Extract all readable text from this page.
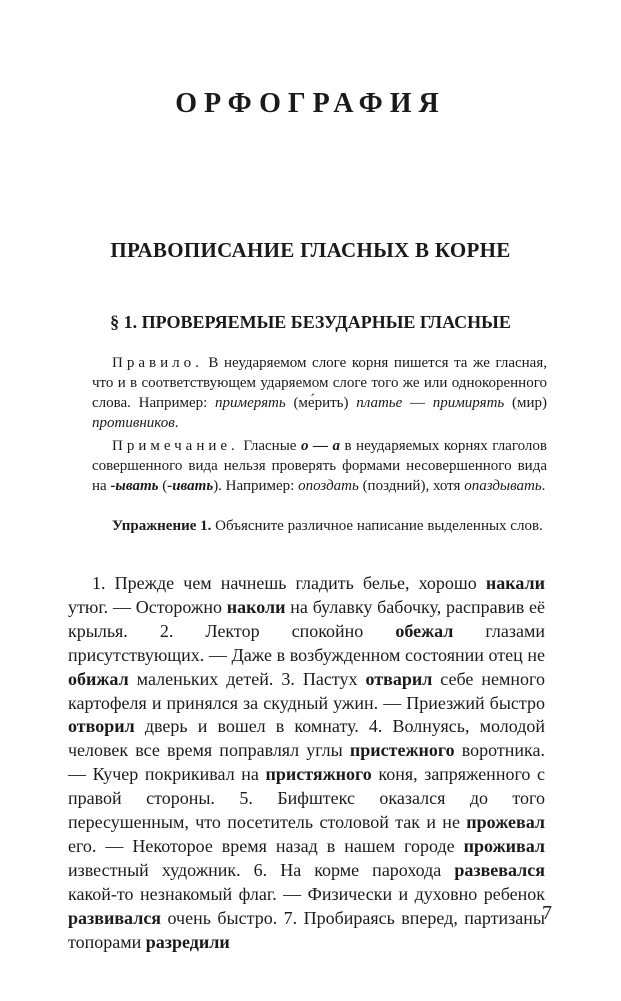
ОРФОГРАФИЯ
ПРАВОПИСАНИЕ ГЛАСНЫХ В КОРНЕ
§ 1. ПРОВЕРЯЕМЫЕ БЕЗУДАРНЫЕ ГЛАСНЫЕ

Правило. В неударяемом слоге корня пишется та же гласная, что и в соответствующем ударяемом слоге того же или однокоренного слова. Например: примерять (ме́рить) платье — примирять (мир) противников.

Примечание. Гласные о — а в неударяемых корнях глаголов совершенного вида нельзя проверять формами несовершенного вида на -ывать (-ивать). Например: опоздать (поздний), хотя опаздывать.

Упражнение 1. Объясните различное написание выделенных слов.

1. Прежде чем начнешь гладить белье, хорошо накали утюг. — Осторожно наколи на булавку бабочку, расправив её крылья. 2. Лектор спокойно обежал глазами присутствующих. — Даже в возбужденном состоянии отец не обижал маленьких детей. 3. Пастух отварил себе немного картофеля и принялся за скудный ужин. — Приезжий быстро отворил дверь и вошел в комнату. 4. Волнуясь, молодой человек все время поправлял углы пристежного воротника. — Кучер покрикивал на пристяжного коня, запряженного с правой стороны. 5. Бифштекс оказался до того пересушенным, что посетитель столовой так и не прожевал его. — Некоторое время назад в нашем городе проживал известный художник. 6. На корме парохода развевался какой-то незнакомый флаг. — Физически и духовно ребенок развивался очень быстро. 7. Пробираясь вперед, партизаны топорами разредили

7
